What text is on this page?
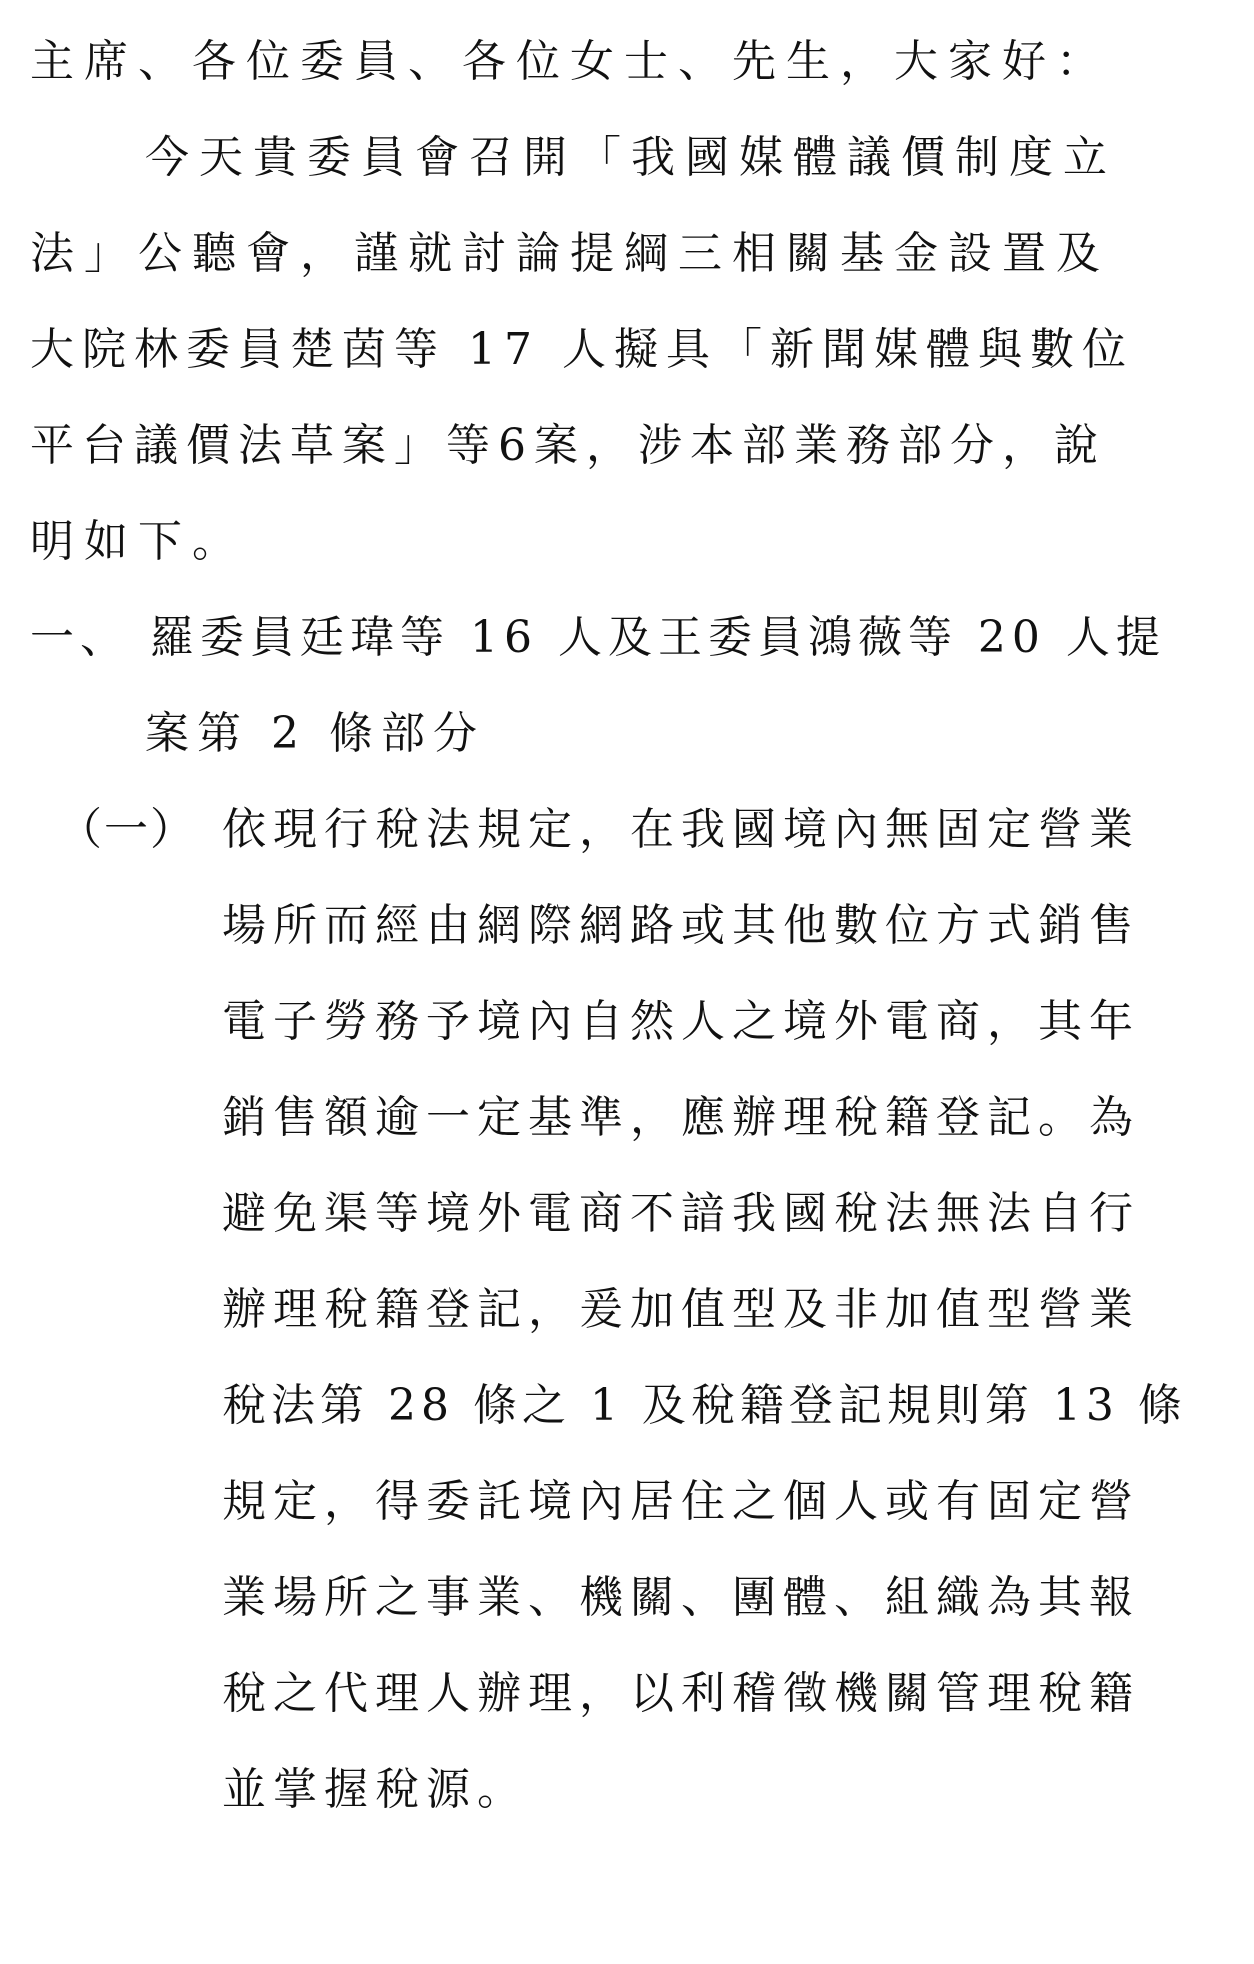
主席、各位委員、各位女士、先生，大家好：
今天貴委員會召開「我國媒體議價制度立
法」公聽會，謹就討論提綱三相關基金設置及
大院林委員楚茵等 17 人擬具「新聞媒體與數位
平台議價法草案」等6案，涉本部業務部分，說
明如下。
一、 羅委員廷瑋等 16 人及王委員鴻薇等 20 人提
案第 2 條部分
（一） 依現行稅法規定，在我國境內無固定營業
場所而經由網際網路或其他數位方式銷售
電子勞務予境內自然人之境外電商，其年
銷售額逾一定基準，應辦理稅籍登記。為
避免渠等境外電商不諳我國稅法無法自行
辦理稅籍登記，爰加值型及非加值型營業
稅法第 28 條之 1 及稅籍登記規則第 13 條
規定，得委託境內居住之個人或有固定營
業場所之事業、機關、團體、組織為其報
稅之代理人辦理，以利稽徵機關管理稅籍
並掌握稅源。
